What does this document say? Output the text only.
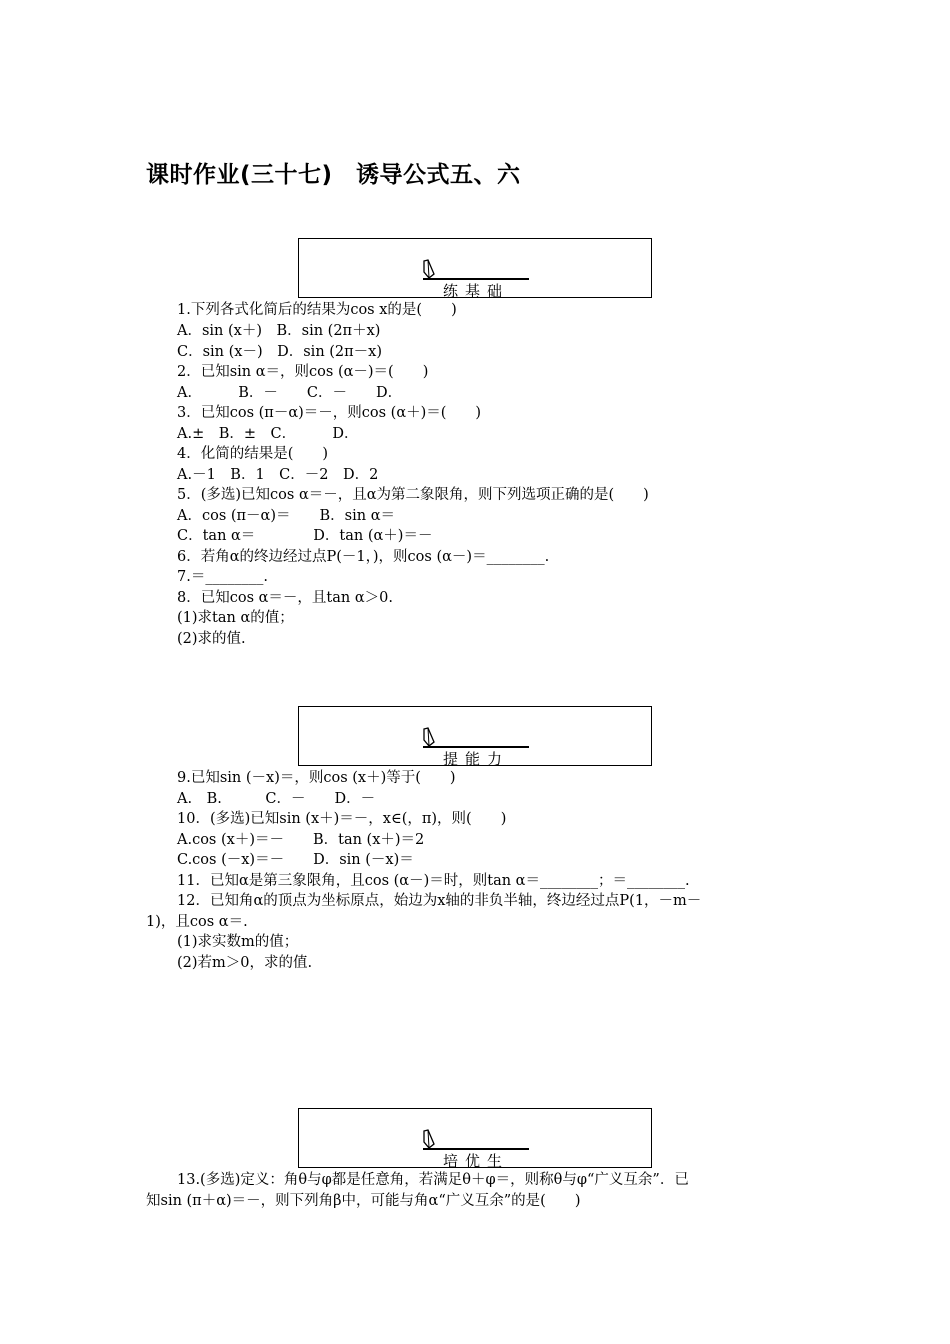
课时作业(三十七)　诱导公式五、六
练基础
1.下列各式化简后的结果为cos x的是(　　)
A．sin (x＋)　B．sin (2π＋x)
C．sin (x－)　D．sin (2π－x)
2．已知sin α＝，则cos (α－)＝(　　)
A．　　　B．－　　C．－　　D．
3．已知cos (π－α)＝－，则cos (α＋)＝(　　)
A.±　B．±　C．　　　D．
4．化简的结果是(　　)
A.－1　B．1　C．－2　D．2
5．(多选)已知cos α＝－，且α为第二象限角，则下列选项正确的是(　　)
A．cos (π－α)＝　　B．sin α＝
C．tan α＝　　　　D．tan (α＋)＝－
6．若角α的终边经过点P(－1，)，则cos (α－)＝________.
7.＝________.
8．已知cos α＝－，且tan α＞0.
(1)求tan α的值；
(2)求的值.
提能力
9.已知sin (－x)＝，则cos (x＋)等于(　　)
A.　B.　　　C．－　　D．－
10．(多选)已知sin (x＋)＝－，x∈(，π)，则(　　)
A.cos (x＋)＝－　　B．tan (x＋)＝2
C.cos (－x)＝－　　D．sin (－x)＝
11．已知α是第三象限角，且cos (α－)＝时，则tan α＝________；＝________.
12．已知角α的顶点为坐标原点，始边为x轴的非负半轴，终边经过点P(1，－m－
1)，且cos α＝.
(1)求实数m的值；
(2)若m＞0，求的值.
培优生
13.(多选)定义：角θ与φ都是任意角，若满足θ＋φ＝，则称θ与φ“广义互余”．已
知sin (π＋α)＝－，则下列角β中，可能与角α“广义互余”的是(　　)
